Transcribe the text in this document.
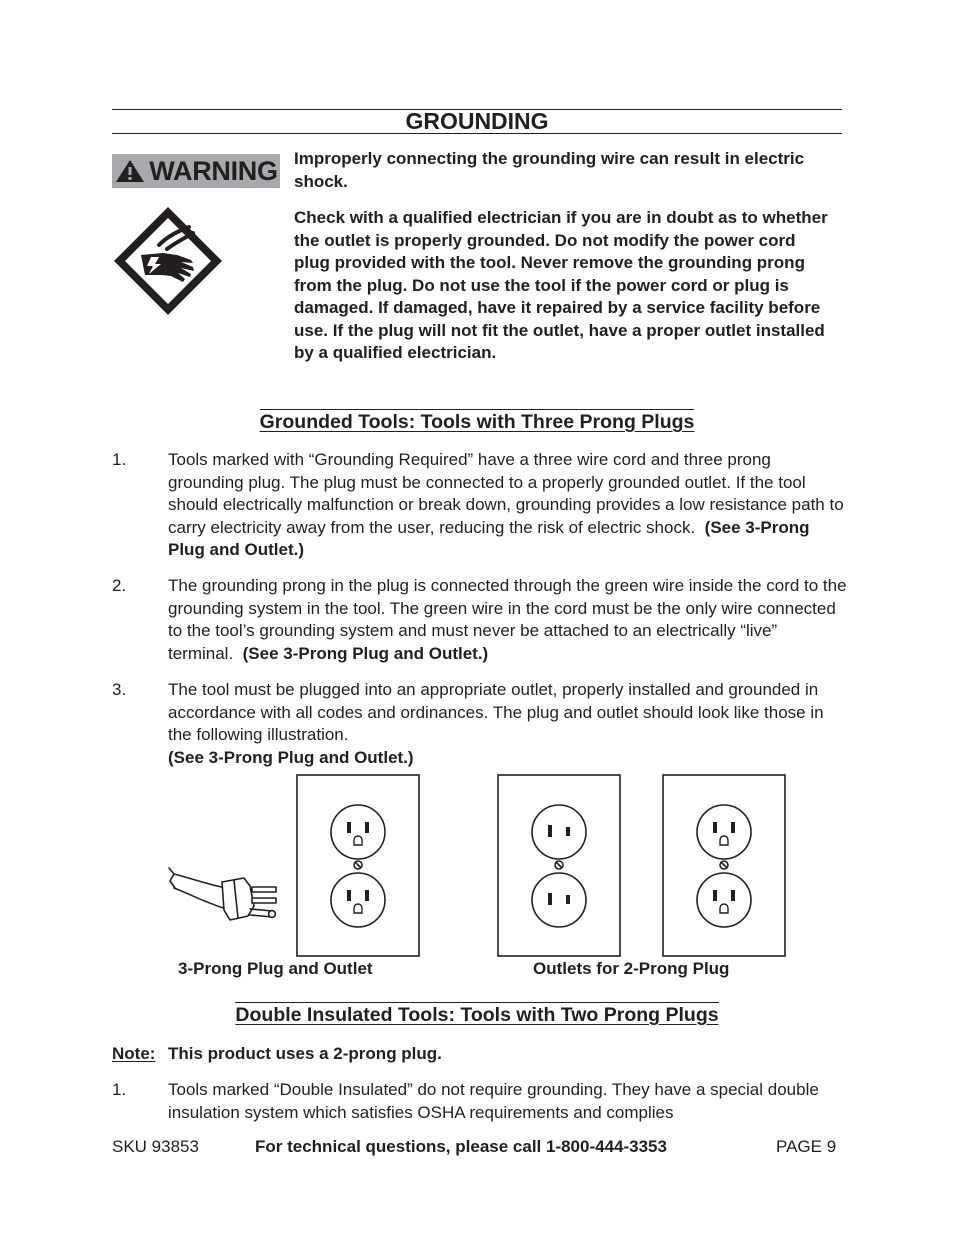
GROUNDING
WARNING Improperly connecting the grounding wire can result in electric shock.
Check with a qualified electrician if you are in doubt as to whether the outlet is properly grounded. Do not modify the power cord plug provided with the tool. Never remove the grounding prong from the plug. Do not use the tool if the power cord or plug is damaged. If damaged, have it repaired by a service facility before use. If the plug will not fit the outlet, have a proper outlet installed by a qualified electrician.
Grounded Tools: Tools with Three Prong Plugs
1. Tools marked with “Grounding Required” have a three wire cord and three prong grounding plug. The plug must be connected to a properly grounded outlet. If the tool should electrically malfunction or break down, grounding provides a low resistance path to carry electricity away from the user, reducing the risk of electric shock. (See 3-Prong Plug and Outlet.)
2. The grounding prong in the plug is connected through the green wire inside the cord to the grounding system in the tool. The green wire in the cord must be the only wire connected to the tool’s grounding system and must never be attached to an electrically “live” terminal. (See 3-Prong Plug and Outlet.)
3. The tool must be plugged into an appropriate outlet, properly installed and grounded in accordance with all codes and ordinances. The plug and outlet should look like those in the following illustration.
(See 3-Prong Plug and Outlet.)
3-Prong Plug and Outlet	Outlets for 2-Prong Plug
Double Insulated Tools: Tools with Two Prong Plugs
Note: This product uses a 2-prong plug.
1. Tools marked “Double Insulated” do not require grounding. They have a special double insulation system which satisfies OSHA requirements and complies
SKU 93853	For technical questions, please call 1-800-444-3353	PAGE 9
